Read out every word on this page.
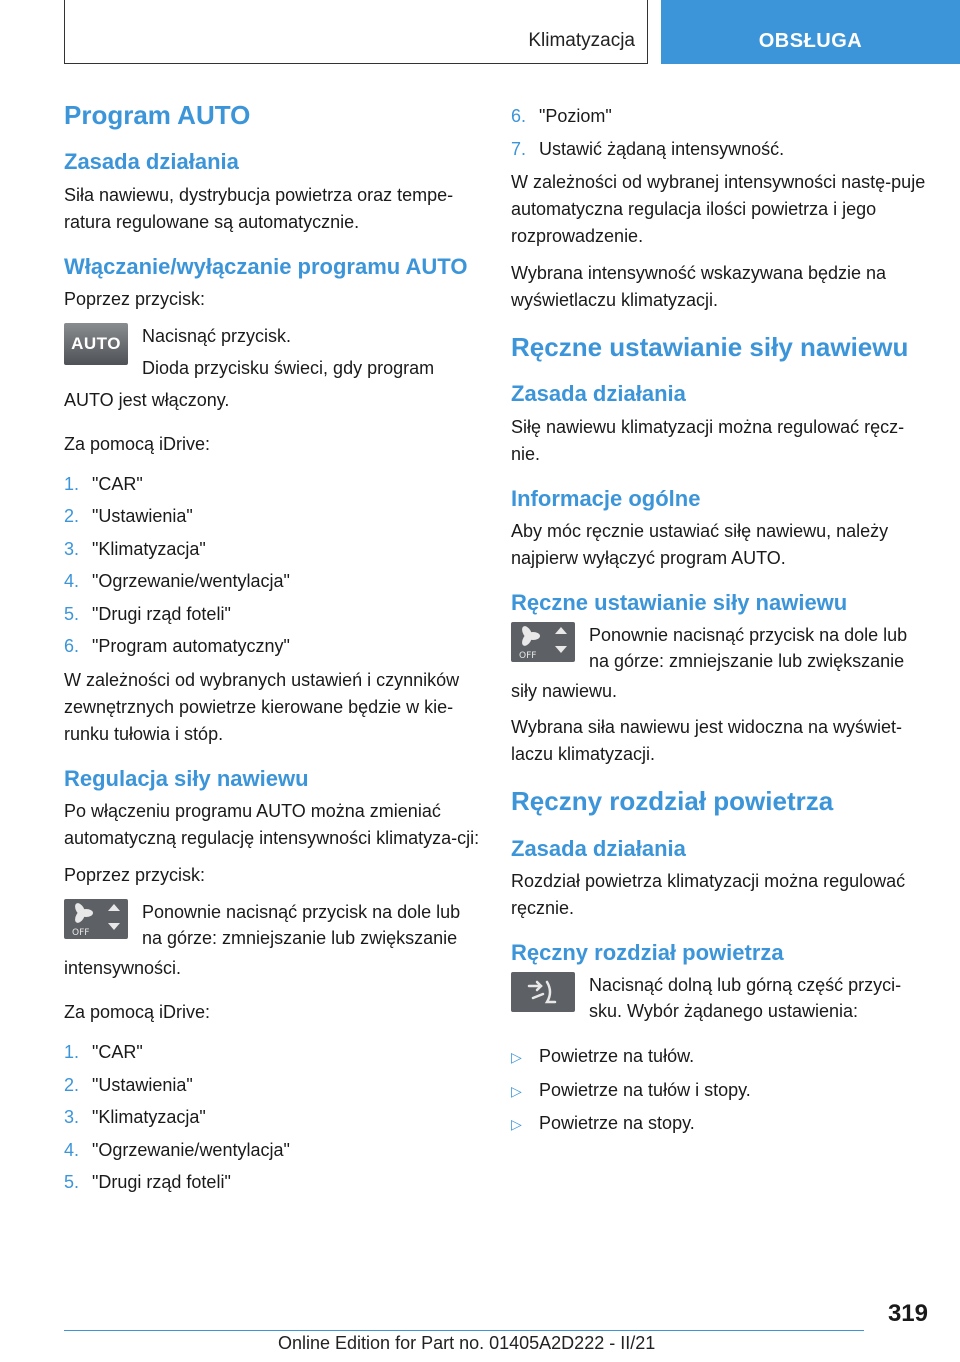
Klimatyzacja	OBSŁUGA
Program AUTO
Zasada działania

Siła nawiewu, dystrybucja powietrza oraz tempe‐ratura regulowane są automatycznie.

Włączanie/wyłączanie programu AUTO

Poprzez przycisk:

AUTO	Nacisnąć przycisk.

Dioda przycisku świeci, gdy program

AUTO jest włączony.

Za pomocą iDrive:

1. "CAR"
2. "Ustawienia"
3. "Klimatyzacja"
4. "Ogrzewanie/wentylacja"
5. "Drugi rząd foteli"
6. "Program automatyczny"

W zależności od wybranych ustawień i czynników zewnętrznych powietrze kierowane będzie w kie‐runku tułowia i stóp.

Regulacja siły nawiewu

Po włączeniu programu AUTO można zmieniać automatyczną regulację intensywności klimatyza‐cji:

Poprzez przycisk:

OFF

Ponownie nacisnąć przycisk na dole lub na górze: zmniejszanie lub zwiększanie

intensywności.

Za pomocą iDrive:

1. "CAR"
2. "Ustawienia"
3. "Klimatyzacja"
4. "Ogrzewanie/wentylacja"
5. "Drugi rząd foteli"
6. "Poziom"
7. Ustawić żądaną intensywność.

W zależności od wybranej intensywności nastę‐puje automatyczna regulacja ilości powietrza i jego rozprowadzenie.

Wybrana intensywność wskazywana będzie na wyświetlaczu klimatyzacji.

Ręczne ustawianie siły nawiewu
Zasada działania

Siłę nawiewu klimatyzacji można regulować ręcz‐nie.

Informacje ogólne

Aby móc ręcznie ustawiać siłę nawiewu, należy najpierw wyłączyć program AUTO.

Ręczne ustawianie siły nawiewu
OFF

Ponownie nacisnąć przycisk na dole lub na górze: zmniejszanie lub zwiększanie

siły nawiewu.

Wybrana siła nawiewu jest widoczna na wyświet‐laczu klimatyzacji.

Ręczny rozdział powietrza
Zasada działania

Rozdział powietrza klimatyzacji można regulować ręcznie.

Ręczny rozdział powietrza

Nacisnąć dolną lub górną część przyci‐sku. Wybór żądanego ustawienia:

▷ Powietrze na tułów.
▷ Powietrze na tułów i stopy.
▷ Powietrze na stopy.
319
Online Edition for Part no. 01405A2D222 - II/21
